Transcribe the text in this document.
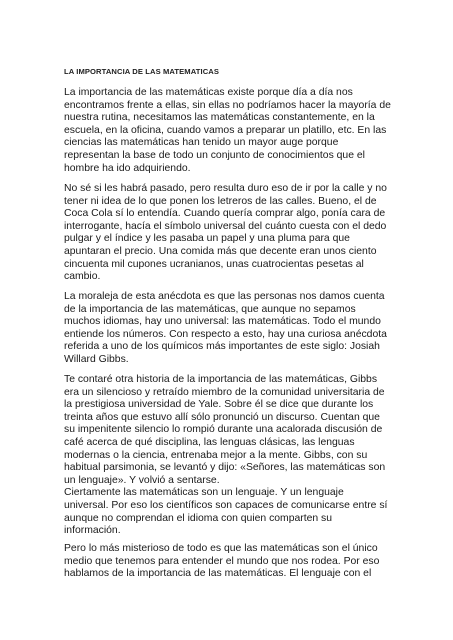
LA IMPORTANCIA DE LAS MATEMATICAS

La importancia de las matemáticas existe porque día a día nos
encontramos frente a ellas, sin ellas no podríamos hacer la mayoría de
nuestra rutina, necesitamos las matemáticas constantemente, en la
escuela, en la oficina, cuando vamos a preparar un platillo, etc. En las
ciencias las matemáticas han tenido un mayor auge porque
representan la base de todo un conjunto de conocimientos que el
hombre ha ido adquiriendo.

No sé si les habrá pasado, pero resulta duro eso de ir por la calle y no
tener ni idea de lo que ponen los letreros de las calles. Bueno, el de
Coca Cola sí lo entendía. Cuando quería comprar algo, ponía cara de
interrogante, hacía el símbolo universal del cuánto cuesta con el dedo
pulgar y el índice y les pasaba un papel y una pluma para que
apuntaran el precio. Una comida más que decente eran unos ciento
cincuenta mil cupones ucranianos, unas cuatrocientas pesetas al
cambio.

La moraleja de esta anécdota es que las personas nos damos cuenta
de la importancia de las matemáticas, que aunque no sepamos
muchos idiomas, hay uno universal: las matemáticas. Todo el mundo
entiende los números. Con respecto a esto, hay una curiosa anécdota
referida a uno de los químicos más importantes de este siglo: Josiah
Willard Gibbs.

Te contaré otra historia de la importancia de las matemáticas, Gibbs
era un silencioso y retraído miembro de la comunidad universitaria de
la prestigiosa universidad de Yale. Sobre él se dice que durante los
treinta años que estuvo allí sólo pronunció un discurso. Cuentan que
su impenitente silencio lo rompió durante una acalorada discusión de
café acerca de qué disciplina, las lenguas clásicas, las lenguas
modernas o la ciencia, entrenaba mejor a la mente. Gibbs, con su
habitual parsimonia, se levantó y dijo: «Señores, las matemáticas son
un lenguaje». Y volvió a sentarse.
Ciertamente las matemáticas son un lenguaje. Y un lenguaje
universal. Por eso los científicos son capaces de comunicarse entre sí
aunque no comprendan el idioma con quien comparten su
información.

Pero lo más misterioso de todo es que las matemáticas son el único
medio que tenemos para entender el mundo que nos rodea. Por eso
hablamos de la importancia de las matemáticas. El lenguaje con el
